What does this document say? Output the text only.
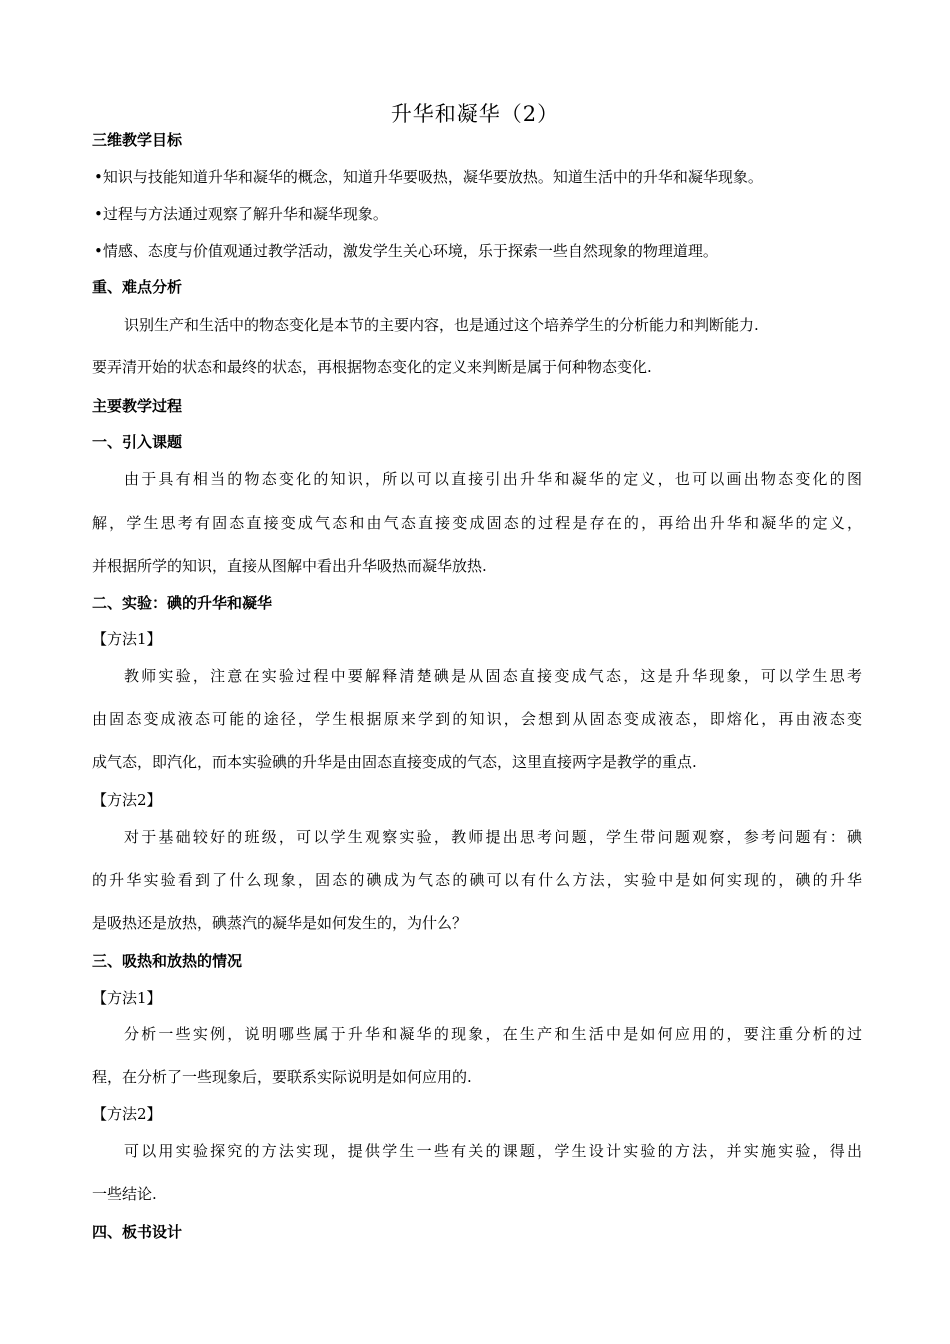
升华和凝华（2）
三维教学目标
•知识与技能知道升华和凝华的概念，知道升华要吸热，凝华要放热。知道生活中的升华和凝华现象。
•过程与方法通过观察了解升华和凝华现象。
•情感、态度与价值观通过教学活动，激发学生关心环境，乐于探索一些自然现象的物理道理。
重、难点分析
识别生产和生活中的物态变化是本节的主要内容，也是通过这个培养学生的分析能力和判断能力.
要弄清开始的状态和最终的状态，再根据物态变化的定义来判断是属于何种物态变化.
主要教学过程
一、引入课题
由于具有相当的物态变化的知识，所以可以直接引出升华和凝华的定义，也可以画出物态变化的图
解，学生思考有固态直接变成气态和由气态直接变成固态的过程是存在的，再给出升华和凝华的定义，
并根据所学的知识，直接从图解中看出升华吸热而凝华放热.
二、实验：碘的升华和凝华
【方法1】
教师实验，注意在实验过程中要解释清楚碘是从固态直接变成气态，这是升华现象，可以学生思考
由固态变成液态可能的途径，学生根据原来学到的知识，会想到从固态变成液态，即熔化，再由液态变
成气态，即汽化，而本实验碘的升华是由固态直接变成的气态，这里直接两字是教学的重点.
【方法2】
对于基础较好的班级，可以学生观察实验，教师提出思考问题，学生带问题观察，参考问题有：碘
的升华实验看到了什么现象，固态的碘成为气态的碘可以有什么方法，实验中是如何实现的，碘的升华
是吸热还是放热，碘蒸汽的凝华是如何发生的，为什么？
三、吸热和放热的情况
【方法1】
分析一些实例，说明哪些属于升华和凝华的现象，在生产和生活中是如何应用的，要注重分析的过
程，在分析了一些现象后，要联系实际说明是如何应用的.
【方法2】
可以用实验探究的方法实现，提供学生一些有关的课题，学生设计实验的方法，并实施实验，得出
一些结论.
四、板书设计
